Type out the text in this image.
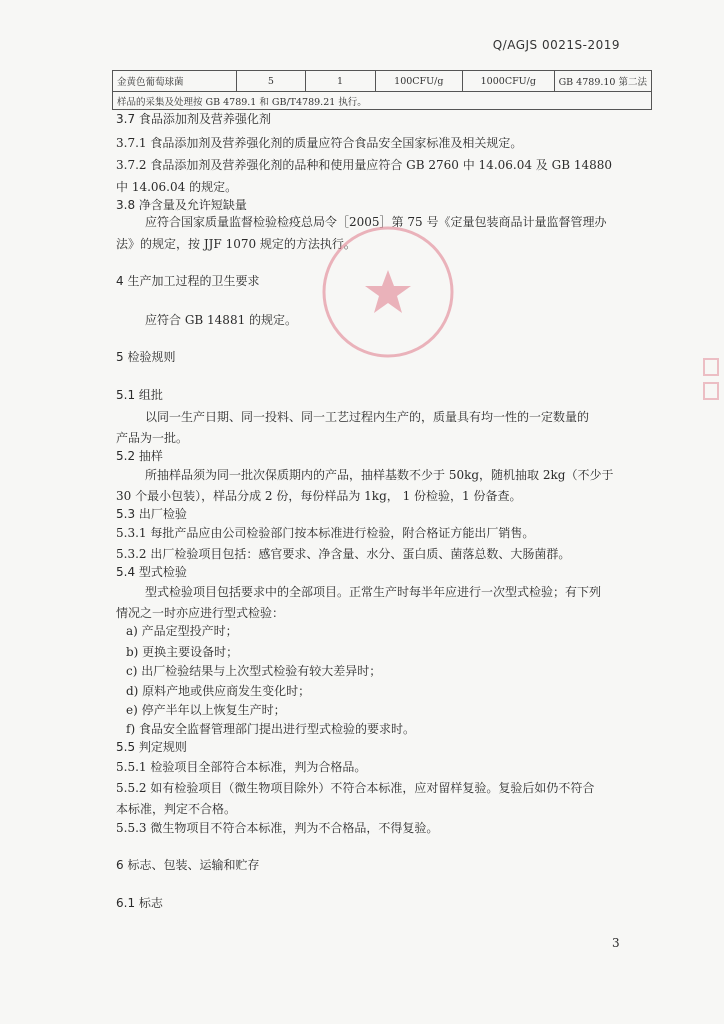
Q/AGJS 0021S-2019
金黄色葡萄球菌	5	1	100CFU/g	1000CFU/g	GB 4789.10 第二法
样品的采集及处理按 GB 4789.1 和 GB/T4789.21 执行。
3.7 食品添加剂及营养强化剂
3.7.1 食品添加剂及营养强化剂的质量应符合食品安全国家标准及相关规定。
3.7.2 食品添加剂及营养强化剂的品种和使用量应符合 GB 2760 中 14.06.04 及 GB 14880
中 14.06.04 的规定。
3.8 净含量及允许短缺量
应符合国家质量监督检验检疫总局令［2005］第 75 号《定量包装商品计量监督管理办
法》的规定，按 JJF 1070 规定的方法执行。
4 生产加工过程的卫生要求
应符合 GB 14881 的规定。
5 检验规则
5.1 组批
以同一生产日期、同一投料、同一工艺过程内生产的，质量具有均一性的一定数量的
产品为一批。
5.2 抽样
所抽样品须为同一批次保质期内的产品，抽样基数不少于 50kg，随机抽取 2kg（不少于
30 个最小包装），样品分成 2 份，每份样品为 1kg， 1 份检验，1 份备查。
5.3 出厂检验
5.3.1 每批产品应由公司检验部门按本标准进行检验，附合格证方能出厂销售。
5.3.2 出厂检验项目包括：感官要求、净含量、水分、蛋白质、菌落总数、大肠菌群。
5.4 型式检验
型式检验项目包括要求中的全部项目。正常生产时每半年应进行一次型式检验；有下列
情况之一时亦应进行型式检验：
a) 产品定型投产时；
b) 更换主要设备时；
c) 出厂检验结果与上次型式检验有较大差异时；
d) 原料产地或供应商发生变化时；
e) 停产半年以上恢复生产时；
f) 食品安全监督管理部门提出进行型式检验的要求时。
5.5 判定规则
5.5.1 检验项目全部符合本标准，判为合格品。
5.5.2 如有检验项目（微生物项目除外）不符合本标准，应对留样复验。复验后如仍不符合
本标准，判定不合格。
5.5.3 微生物项目不符合本标准，判为不合格品，不得复验。
6 标志、包装、运输和贮存
6.1 标志
3
